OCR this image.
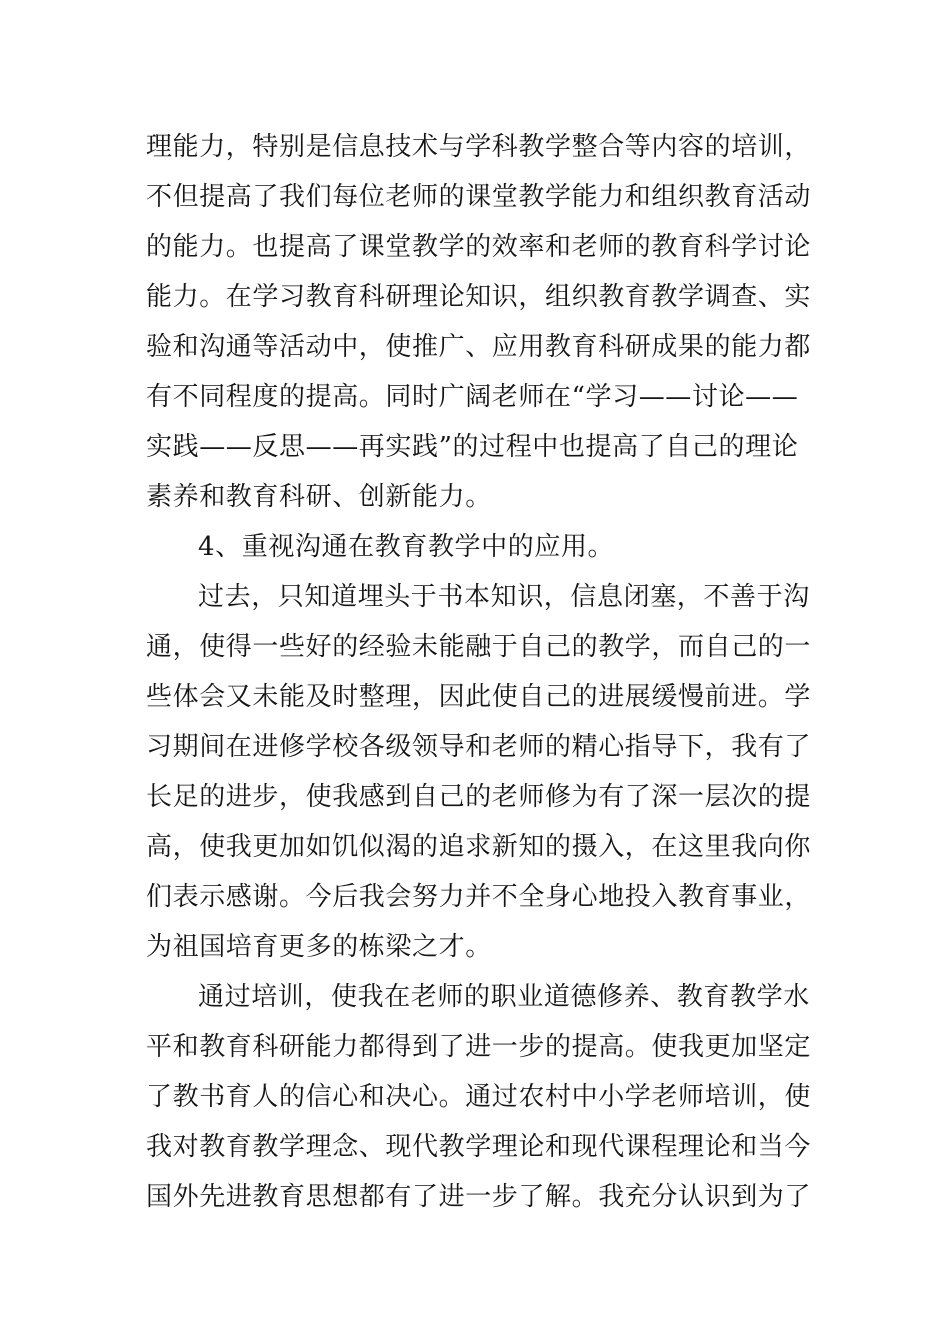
理能力，特别是信息技术与学科教学整合等内容的培训，
不但提高了我们每位老师的课堂教学能力和组织教育活动
的能力。也提高了课堂教学的效率和老师的教育科学讨论
能力。在学习教育科研理论知识，组织教育教学调查、实
验和沟通等活动中，使推广、应用教育科研成果的能力都
有不同程度的提高。同时广阔老师在“学习——讨论——
实践——反思——再实践”的过程中也提高了自己的理论
素养和教育科研、创新能力。
4、重视沟通在教育教学中的应用。
过去，只知道埋头于书本知识，信息闭塞，不善于沟
通，使得一些好的经验未能融于自己的教学，而自己的一
些体会又未能及时整理，因此使自己的进展缓慢前进。学
习期间在进修学校各级领导和老师的精心指导下，我有了
长足的进步，使我感到自己的老师修为有了深一层次的提
高，使我更加如饥似渴的追求新知的摄入，在这里我向你
们表示感谢。今后我会努力并不全身心地投入教育事业，
为祖国培育更多的栋梁之才。
通过培训，使我在老师的职业道德修养、教育教学水
平和教育科研能力都得到了进一步的提高。使我更加坚定
了教书育人的信心和决心。通过农村中小学老师培训，使
我对教育教学理念、现代教学理论和现代课程理论和当今
国外先进教育思想都有了进一步了解。我充分认识到为了
